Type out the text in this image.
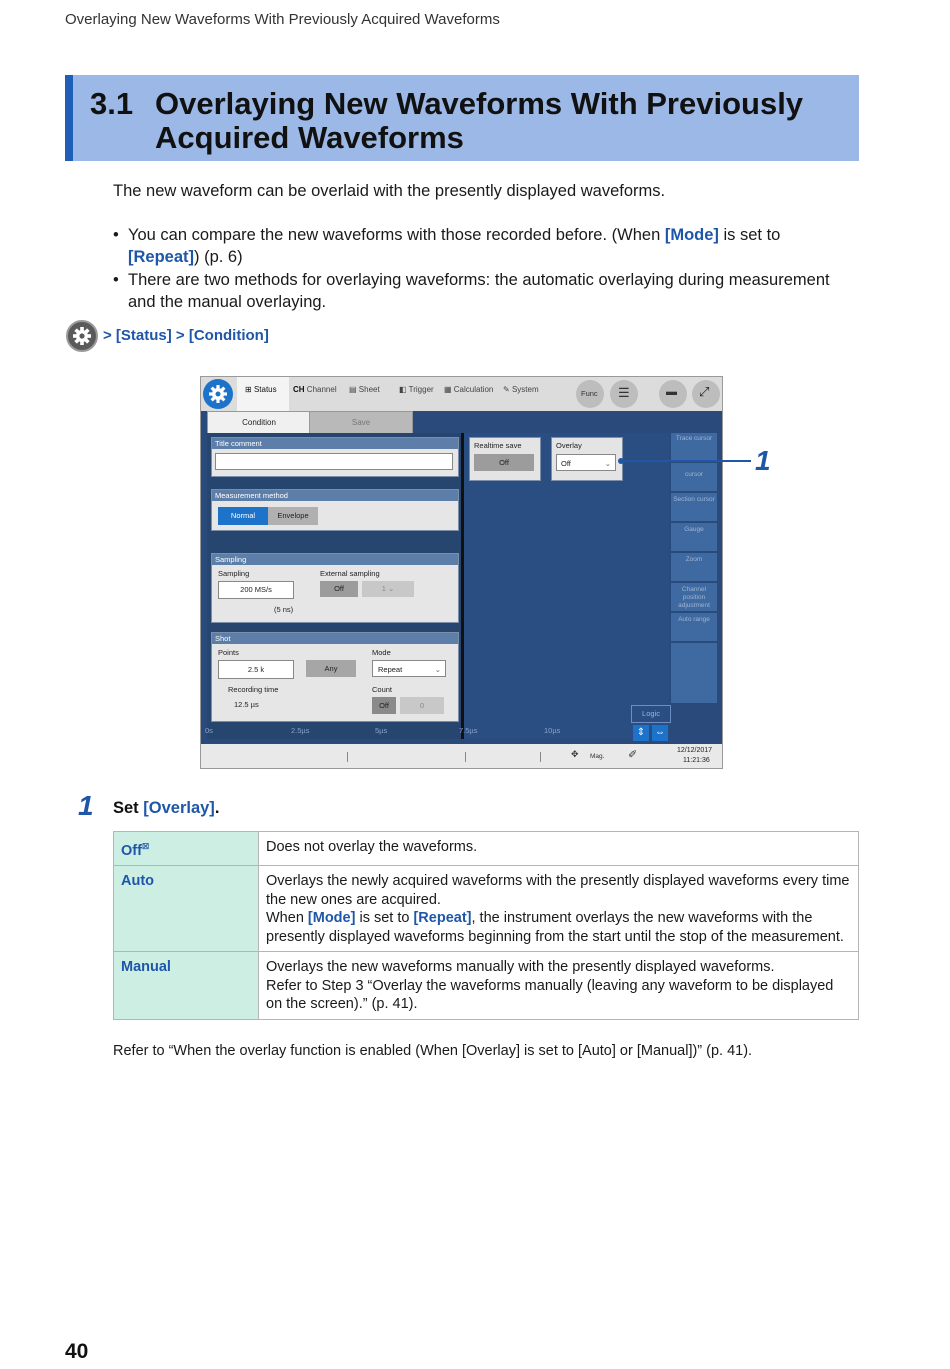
Overlaying New Waveforms With Previously Acquired Waveforms
3.1 Overlaying New Waveforms With Previously
Acquired Waveforms
The new waveform can be overlaid with the presently displayed waveforms.
• You can compare the new waveforms with those recorded before. (When [Mode] is set to
[Repeat]) (p. 6)
• There are two methods for overlaying waveforms: the automatic overlaying during measurement
and the manual overlaying.
> [Status] > [Condition]
⊞ Status CH Channel ▤ Sheet ◧ Trigger ▦ Calculation ✎ System	Func ☰	▬ ⤢
Condition	Save
Title comment	Realtime save
Off
Overlay
Off	⌄
Measurement method
Normal	Envelope
Sampling
Sampling
200 MS/s
(5 ns)
External sampling
Off	1 ⌄
Shot
Points
2.5 k	Any
Mode
Repeat	⌄
Recording time
12.5 µs
Count
Off	0
0s	2.5µs	5µs	7.5µs	10µs
Trace cursor
cursor
Section cursor
Gauge
Zoom
Channel position adjustment
Auto range
Logic
⇕ ⇔
✥ Mag. ✐	12/12/2017
11:21:36
1
1 Set [Overlay].
Off☒	Does not overlay the waveforms.
Auto	Overlays the newly acquired waveforms with the presently displayed waveforms every time the new ones are acquired.
When [Mode] is set to [Repeat], the instrument overlays the new waveforms with the presently displayed waveforms beginning from the start until the stop of the measurement.

Manual	Overlays the new waveforms manually with the presently displayed waveforms.
Refer to Step 3 “Overlay the waveforms manually (leaving any waveform to be displayed on the screen).” (p. 41).
Refer to “When the overlay function is enabled (When [Overlay] is set to [Auto] or [Manual])” (p. 41).
40
